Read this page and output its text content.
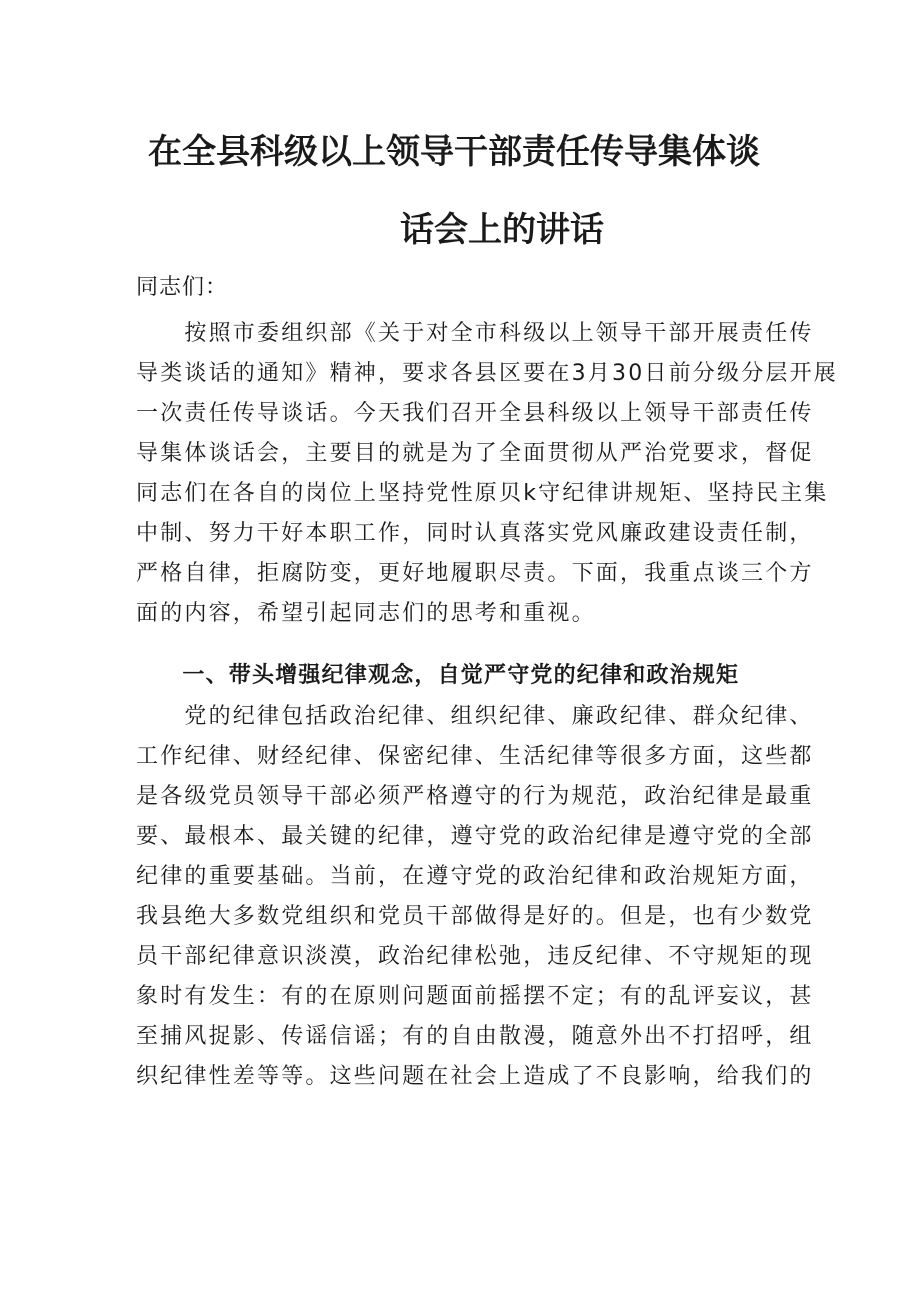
在全县科级以上领导干部责任传导集体谈
话会上的讲话
同志们：
　　按照市委组织部《关于对全市科级以上领导干部开展责任传
导类谈话的通知》精神，要求各县区要在3月30日前分级分层开展
一次责任传导谈话。今天我们召开全县科级以上领导干部责任传
导集体谈话会，主要目的就是为了全面贯彻从严治党要求，督促
同志们在各自的岗位上坚持党性原贝k守纪律讲规矩、坚持民主集
中制、努力干好本职工作，同时认真落实党风廉政建设责任制，
严格自律，拒腐防变，更好地履职尽责。下面，我重点谈三个方
面的内容，希望引起同志们的思考和重视。
　　一、带头增强纪律观念，自觉严守党的纪律和政治规矩
　　党的纪律包括政治纪律、组织纪律、廉政纪律、群众纪律、
工作纪律、财经纪律、保密纪律、生活纪律等很多方面，这些都
是各级党员领导干部必须严格遵守的行为规范，政治纪律是最重
要、最根本、最关键的纪律，遵守党的政治纪律是遵守党的全部
纪律的重要基础。当前，在遵守党的政治纪律和政治规矩方面，
我县绝大多数党组织和党员干部做得是好的。但是，也有少数党
员干部纪律意识淡漠，政治纪律松弛，违反纪律、不守规矩的现
象时有发生：有的在原则问题面前摇摆不定；有的乱评妄议，甚
至捕风捉影、传谣信谣；有的自由散漫，随意外出不打招呼，组
织纪律性差等等。这些问题在社会上造成了不良影响，给我们的
